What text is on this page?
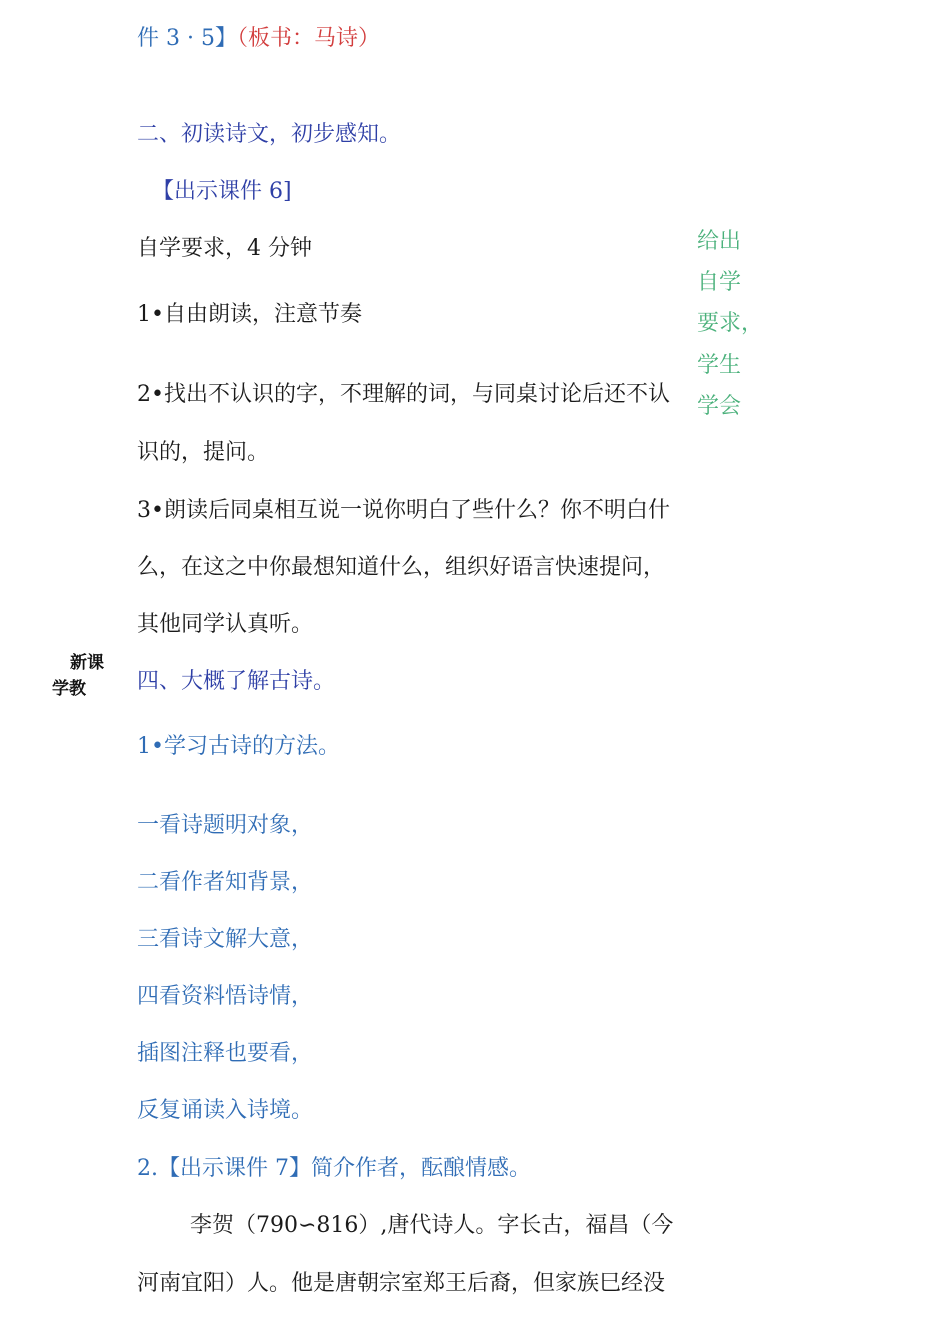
件 3 · 5】（板书：马诗）
二、初读诗文，初步感知。
【出示课件 6]
自学要求，4 分钟
1•自由朗读，注意节奏
2•找出不认识的字，不理解的词，与同桌讨论后还不认
识的，提问。
3•朗读后同桌相互说一说你明白了些什么？你不明白什
么，在这之中你最想知道什么，组织好语言快速提问，
其他同学认真听。
给出
自学
要求，
学生
学会
新课
学教	四、大概了解古诗。
1•学习古诗的方法。
一看诗题明对象，
二看作者知背景，
三看诗文解大意，
四看资料悟诗情，
插图注释也要看，
反复诵读入诗境。
2.【出示课件 7】简介作者，酝酿情感。
李贺（790∽816）,唐代诗人。字长古，福昌（今
河南宜阳）人。他是唐朝宗室郑王后裔，但家族巳经没
